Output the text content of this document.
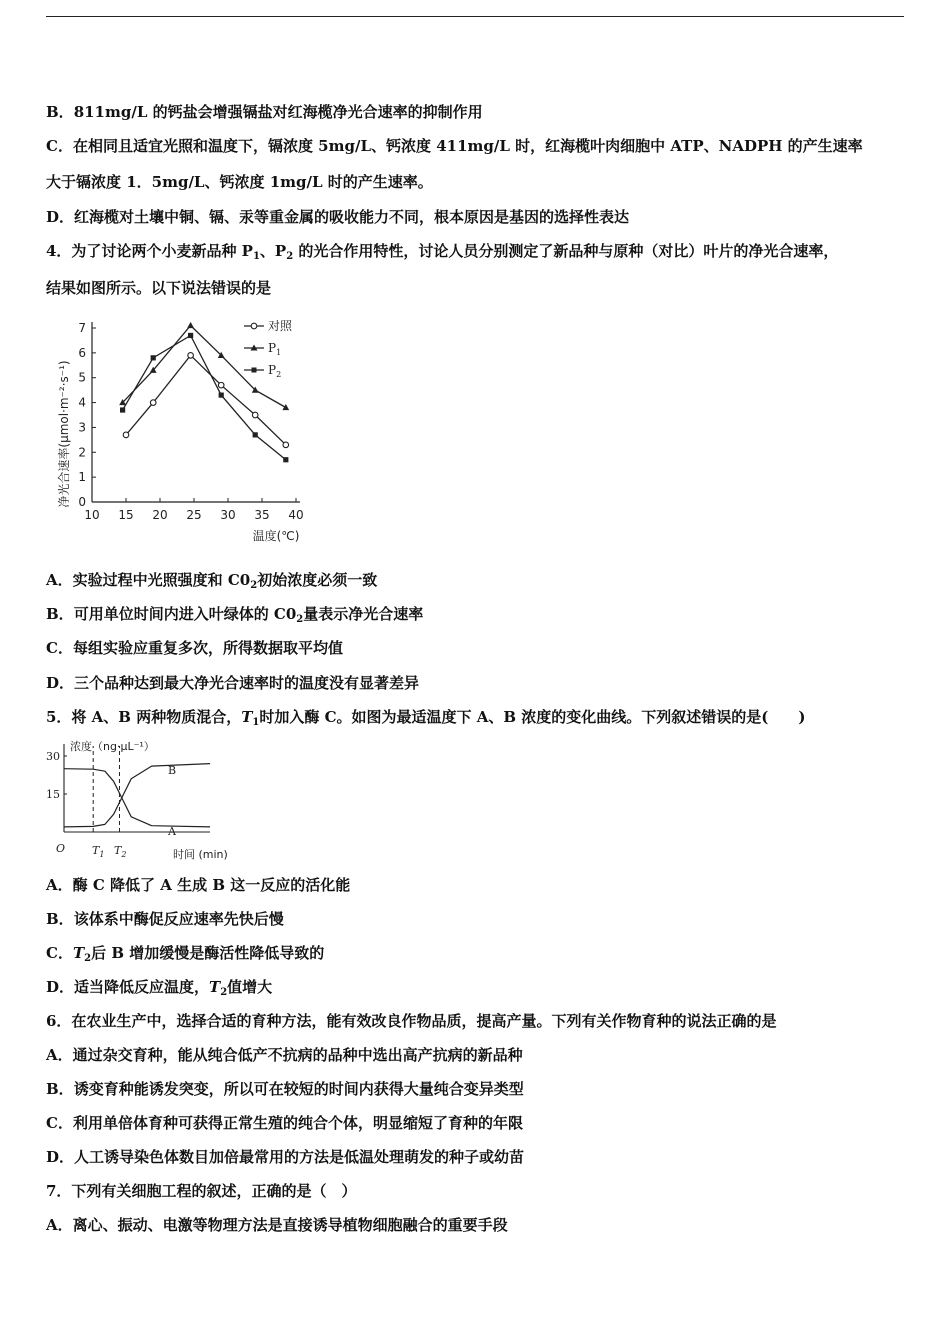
B．811mg/L 的钙盐会增强镉盐对红海榄净光合速率的抑制作用
C．在相同且适宜光照和温度下，镉浓度 5mg/L、钙浓度 411mg/L 时，红海榄叶肉细胞中 ATP、NADPH 的产生速率
大于镉浓度 1．5mg/L、钙浓度 1mg/L 时的产生速率。
D．红海榄对土壤中铜、镉、汞等重金属的吸收能力不同，根本原因是基因的选择性表达
4．为了讨论两个小麦新品种 $P_1$、$P_2$ 的光合作用特性，讨论人员分别测定了新品种与原种（对比）叶片的净光合速率，
结果如图所示。以下说法错误的是
净光合速率(μmol·m⁻²·s⁻¹)
10 15 20 25 30 35 40
0
1
2
3
4
5
6
7	对照
$P_1$
$P_2$
温度(℃)
A．实验过程中光照强度和 $C0_2$初始浓度必须一致
B．可用单位时间内进入叶绿体的 $C0_2$量表示净光合速率
C．每组实验应重复多次，所得数据取平均值
D．三个品种达到最大净光合速率时的温度没有显著差异
5．将 A、B 两种物质混合，$T_1$时加入酶 C。如图为最适温度下 A、B 浓度的变化曲线。下列叙述错误的是(　　)
15
30
浓度（ng·μL⁻¹）
时间 (min)
O $T_1$ $T_2$
B
A
A．酶 C 降低了 A 生成 B 这一反应的活化能
B．该体系中酶促反应速率先快后慢
C．$T_2$后 B 增加缓慢是酶活性降低导致的
D．适当降低反应温度，$T_2$值增大
6．在农业生产中，选择合适的育种方法，能有效改良作物品质，提高产量。下列有关作物育种的说法正确的是
A．通过杂交育种，能从纯合低产不抗病的品种中选出高产抗病的新品种
B．诱变育种能诱发突变，所以可在较短的时间内获得大量纯合变异类型
C．利用单倍体育种可获得正常生殖的纯合个体，明显缩短了育种的年限
D．人工诱导染色体数目加倍最常用的方法是低温处理萌发的种子或幼苗
7．下列有关细胞工程的叙述，正确的是（　）
A．离心、振动、电激等物理方法是直接诱导植物细胞融合的重要手段
